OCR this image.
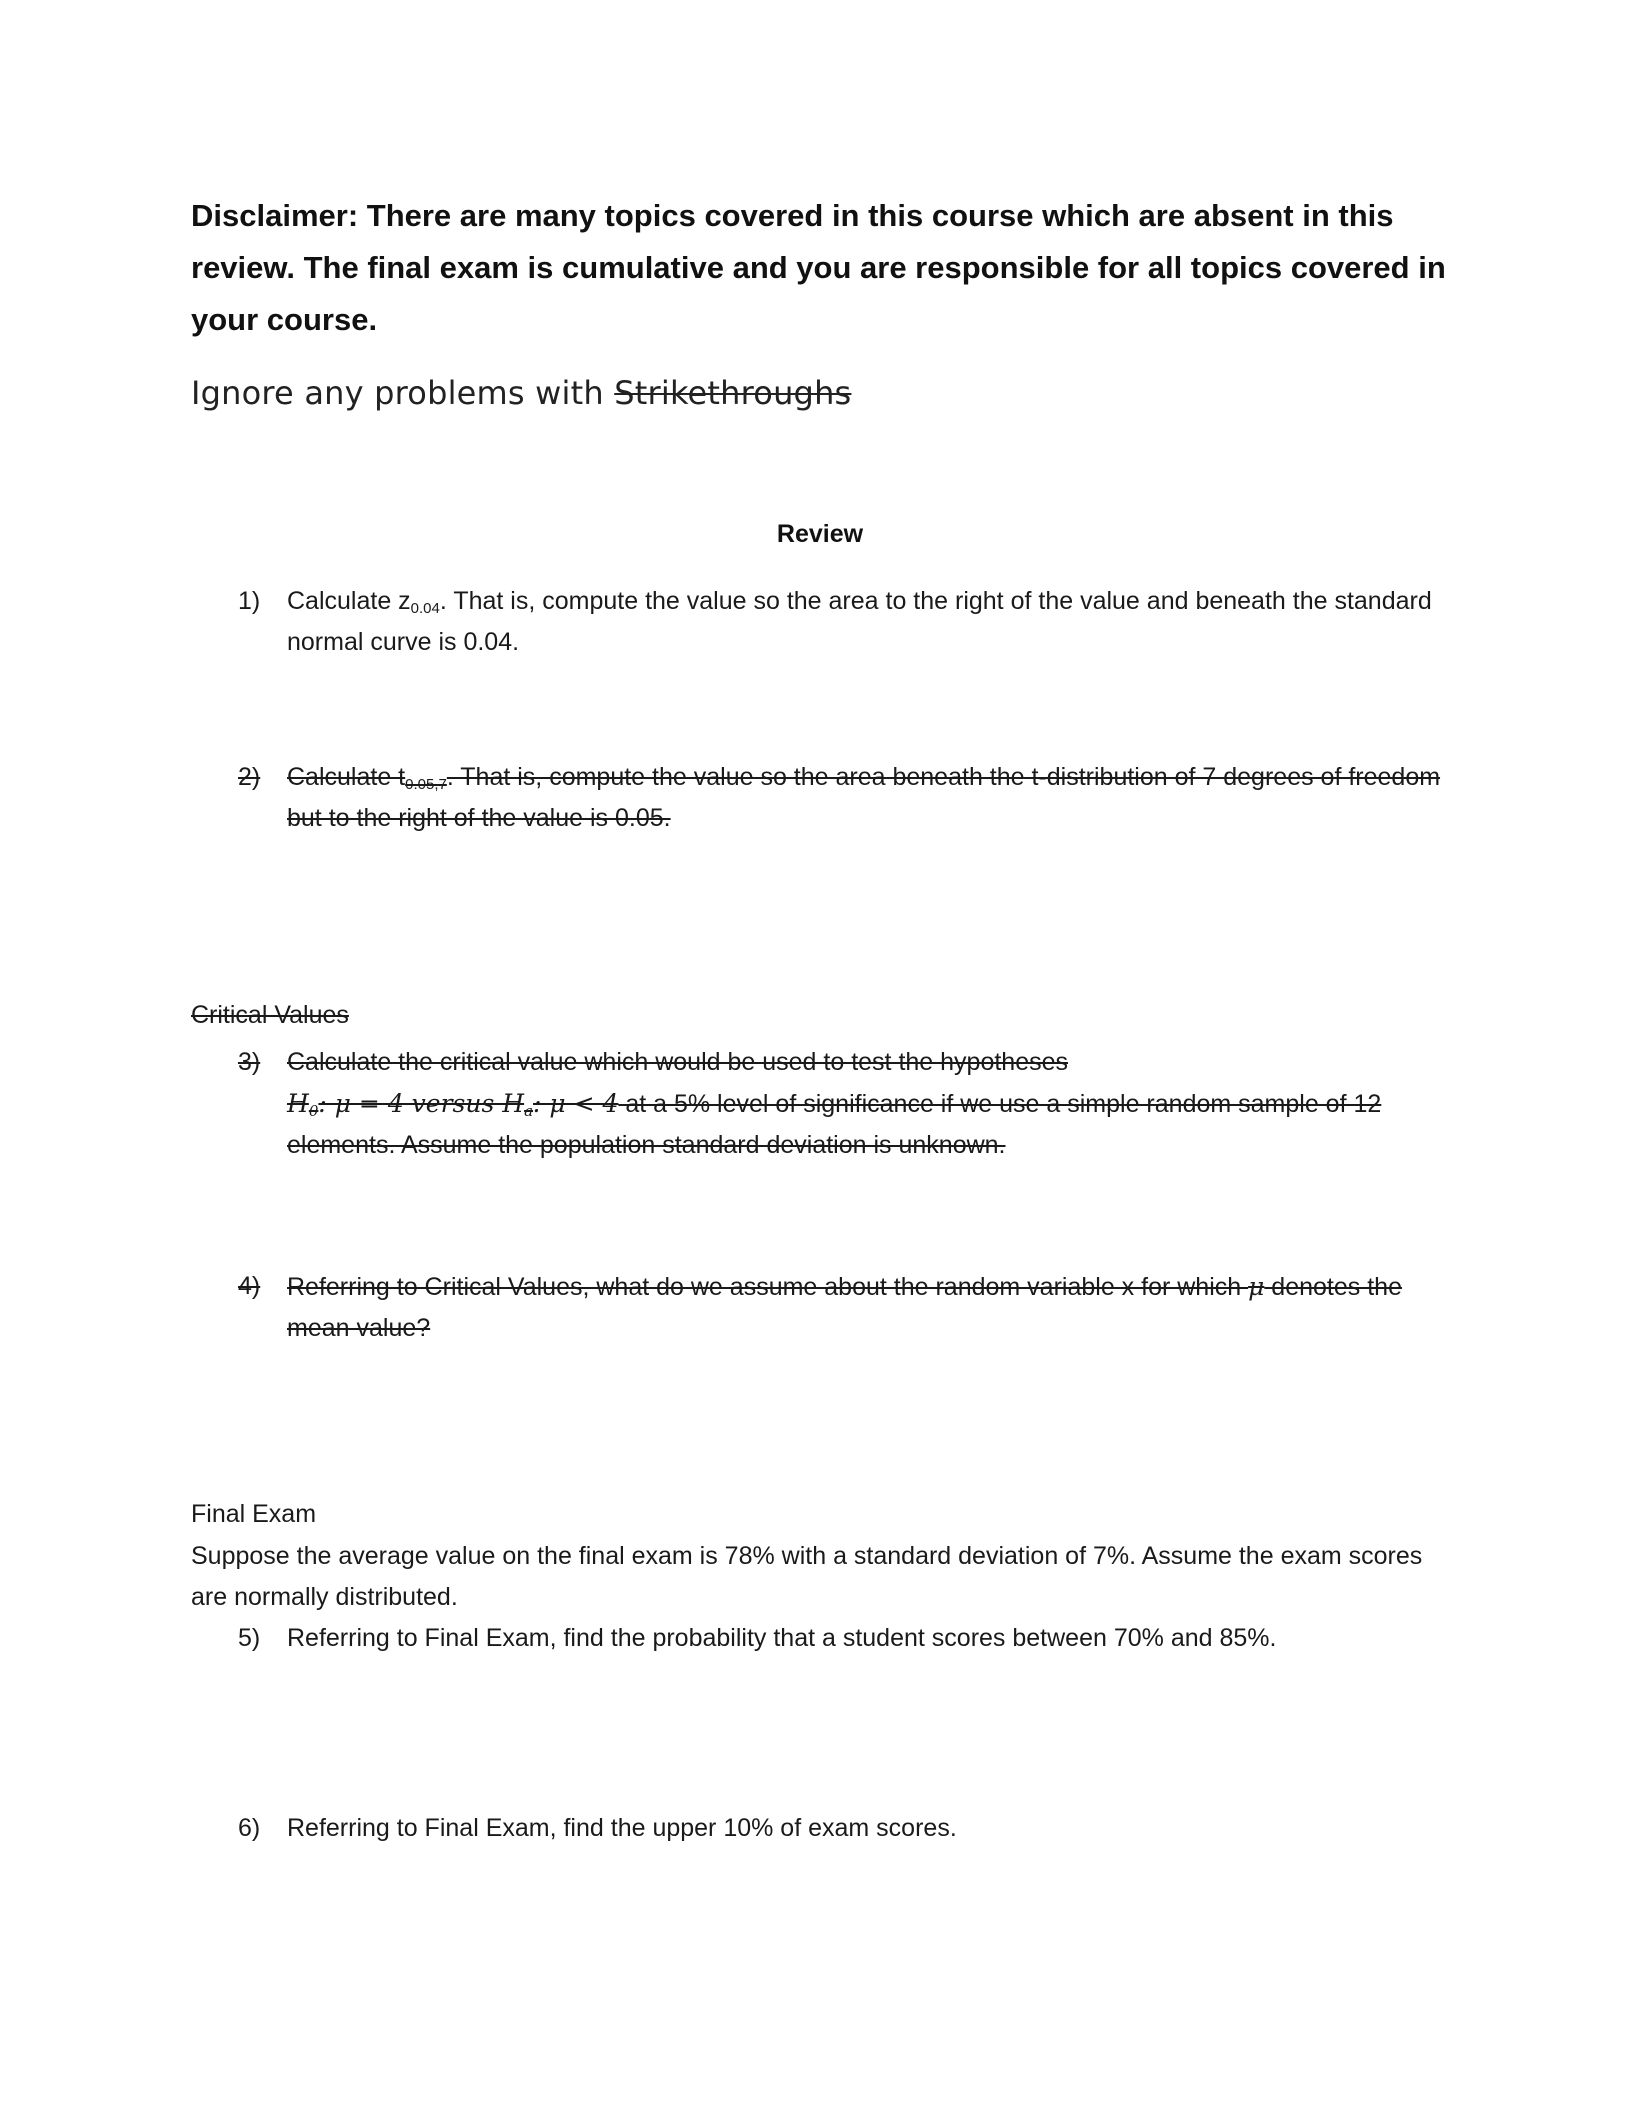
Disclaimer: There are many topics covered in this course which are absent in this review. The final exam is cumulative and you are responsible for all topics covered in your course.
Ignore any problems with Strikethroughs
Review
1) Calculate $z_{0.04}$. That is, compute the value so the area to the right of the value and beneath the standard normal curve is 0.04.
2) Calculate $t_{0.05,7}$. That is, compute the value so the area beneath the t-distribution of 7 degrees of freedom but to the right of the value is 0.05.
Critical Values
3) Calculate the critical value which would be used to test the hypotheses
$H_0$: μ = 4 versus $H_a$: μ < 4 at a 5% level of significance if we use a simple random sample of 12 elements. Assume the population standard deviation is unknown.
4) Referring to Critical Values, what do we assume about the random variable x for which μ denotes the mean value?
Final Exam
Suppose the average value on the final exam is 78% with a standard deviation of 7%. Assume the exam scores are normally distributed.
5) Referring to Final Exam, find the probability that a student scores between 70% and 85%.
6) Referring to Final Exam, find the upper 10% of exam scores.
